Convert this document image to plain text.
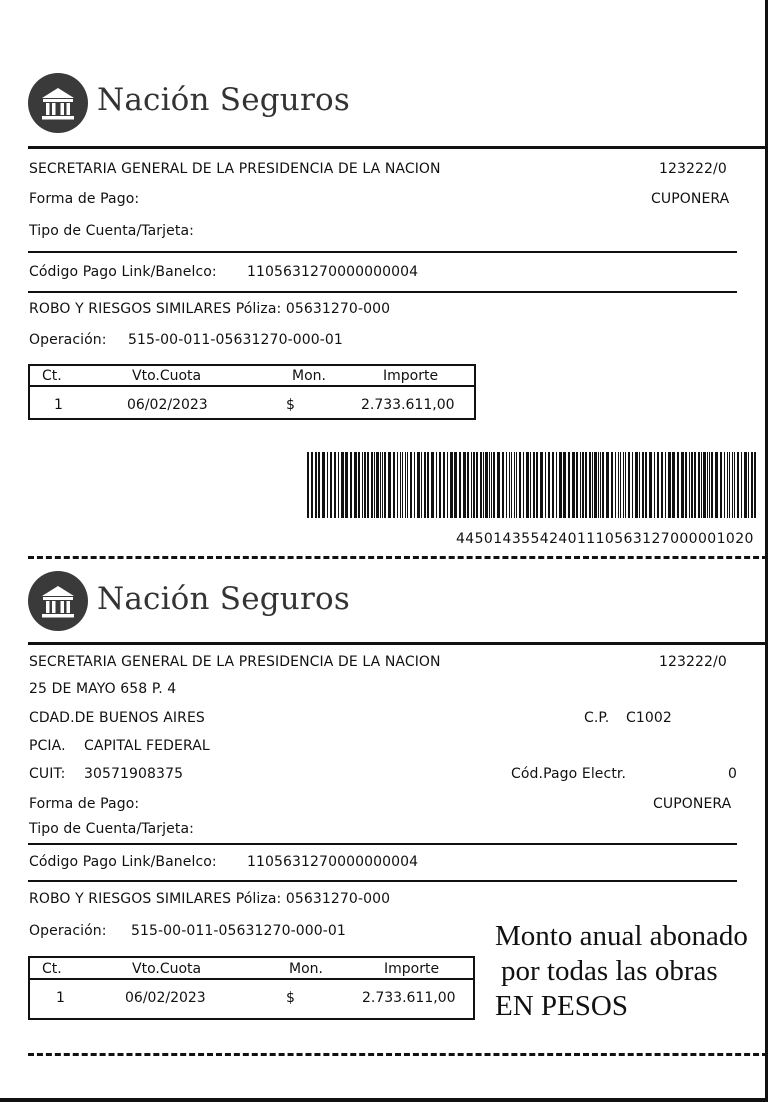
Nación Seguros
SECRETARIA GENERAL DE LA PRESIDENCIA DE LA NACION	123222/0
Forma de Pago:	CUPONERA
Tipo de Cuenta/Tarjeta:
Código Pago Link/Banelco: 1105631270000000004
ROBO Y RIESGOS SIMILARES Póliza: 05631270-000
Operación: 515-00-011-05631270-000-01
Ct.	Vto.Cuota	Mon.	Importe
1	06/02/2023	$	2.733.611,00
44501435542401110563127000001020
Nación Seguros
SECRETARIA GENERAL DE LA PRESIDENCIA DE LA NACION	123222/0
25 DE MAYO 658 P. 4
CDAD.DE BUENOS AIRES	C.P. C1002
PCIA. CAPITAL FEDERAL
CUIT: 30571908375	Cód.Pago Electr.	0
Forma de Pago:	CUPONERA
Tipo de Cuenta/Tarjeta:
Código Pago Link/Banelco: 1105631270000000004
ROBO Y RIESGOS SIMILARES Póliza: 05631270-000
Operación: 515-00-011-05631270-000-01
Ct.	Vto.Cuota	Mon.	Importe
1	06/02/2023	$	2.733.611,00
Monto anual abonado
por todas las obras
EN PESOS
